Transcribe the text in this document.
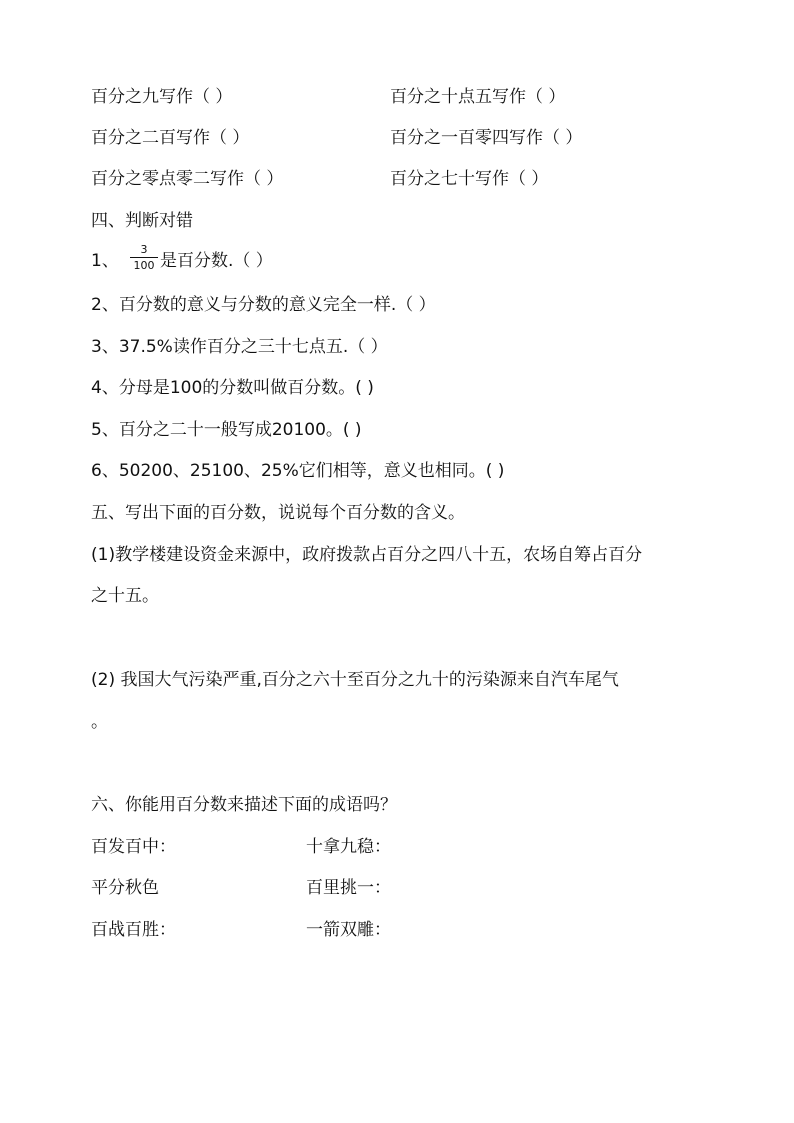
百分之九写作（ ）	百分之十点五写作（ ）
百分之二百写作（ ）	百分之一百零四写作（ ）
百分之零点零二写作（ ）	百分之七十写作（ ）
四、判断对错
1、
3
100 是百分数.（ ）
2、百分数的意义与分数的意义完全一样.（ ）
3、37.5%读作百分之三十七点五.（ ）
4、分母是100的分数叫做百分数。( )
5、百分之二十一般写成20100。( )
6、50200、25100、25%它们相等，意义也相同。( )
五、写出下面的百分数，说说每个百分数的含义。
(1)教学楼建设资金来源中，政府拨款占百分之四八十五，农场自筹占百分
之十五。
(2) 我国大气污染严重,百分之六十至百分之九十的污染源来自汽车尾气
。
六、你能用百分数来描述下面的成语吗？
百发百中：	十拿九稳：
平分秋色	百里挑一：
百战百胜：	一箭双雕：
